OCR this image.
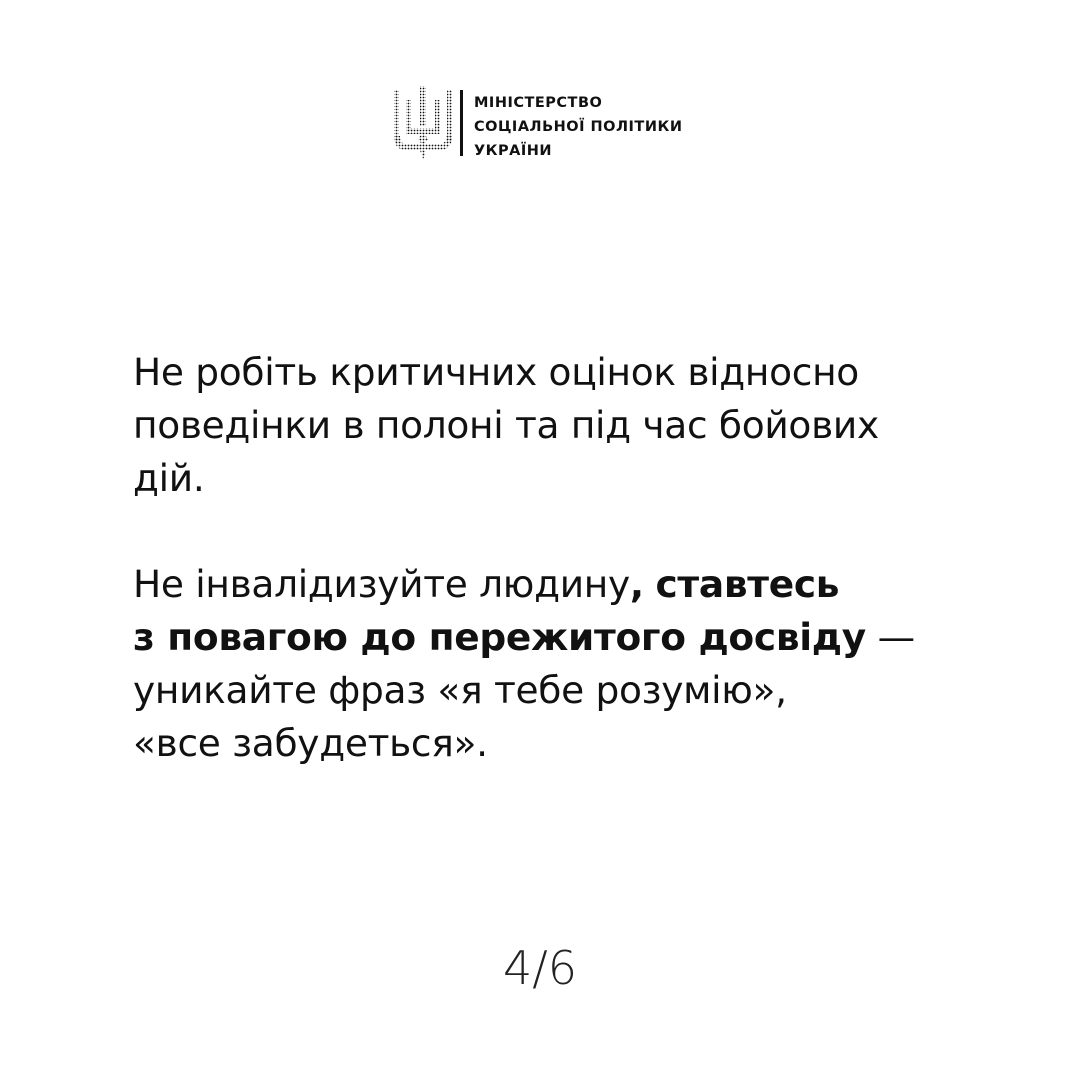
МІНІСТЕРСТВО
СОЦІАЛЬНОЇ ПОЛІТИКИ
УКРАЇНИ

Не робіть критичних оцінок відносно
поведінки в полоні та під час бойових
дій.

Не інвалідизуйте людину, ставтесь
з повагою до пережитого досвіду —
уникайте фраз «я тебе розумію»,
«все забудеться».

4/6
